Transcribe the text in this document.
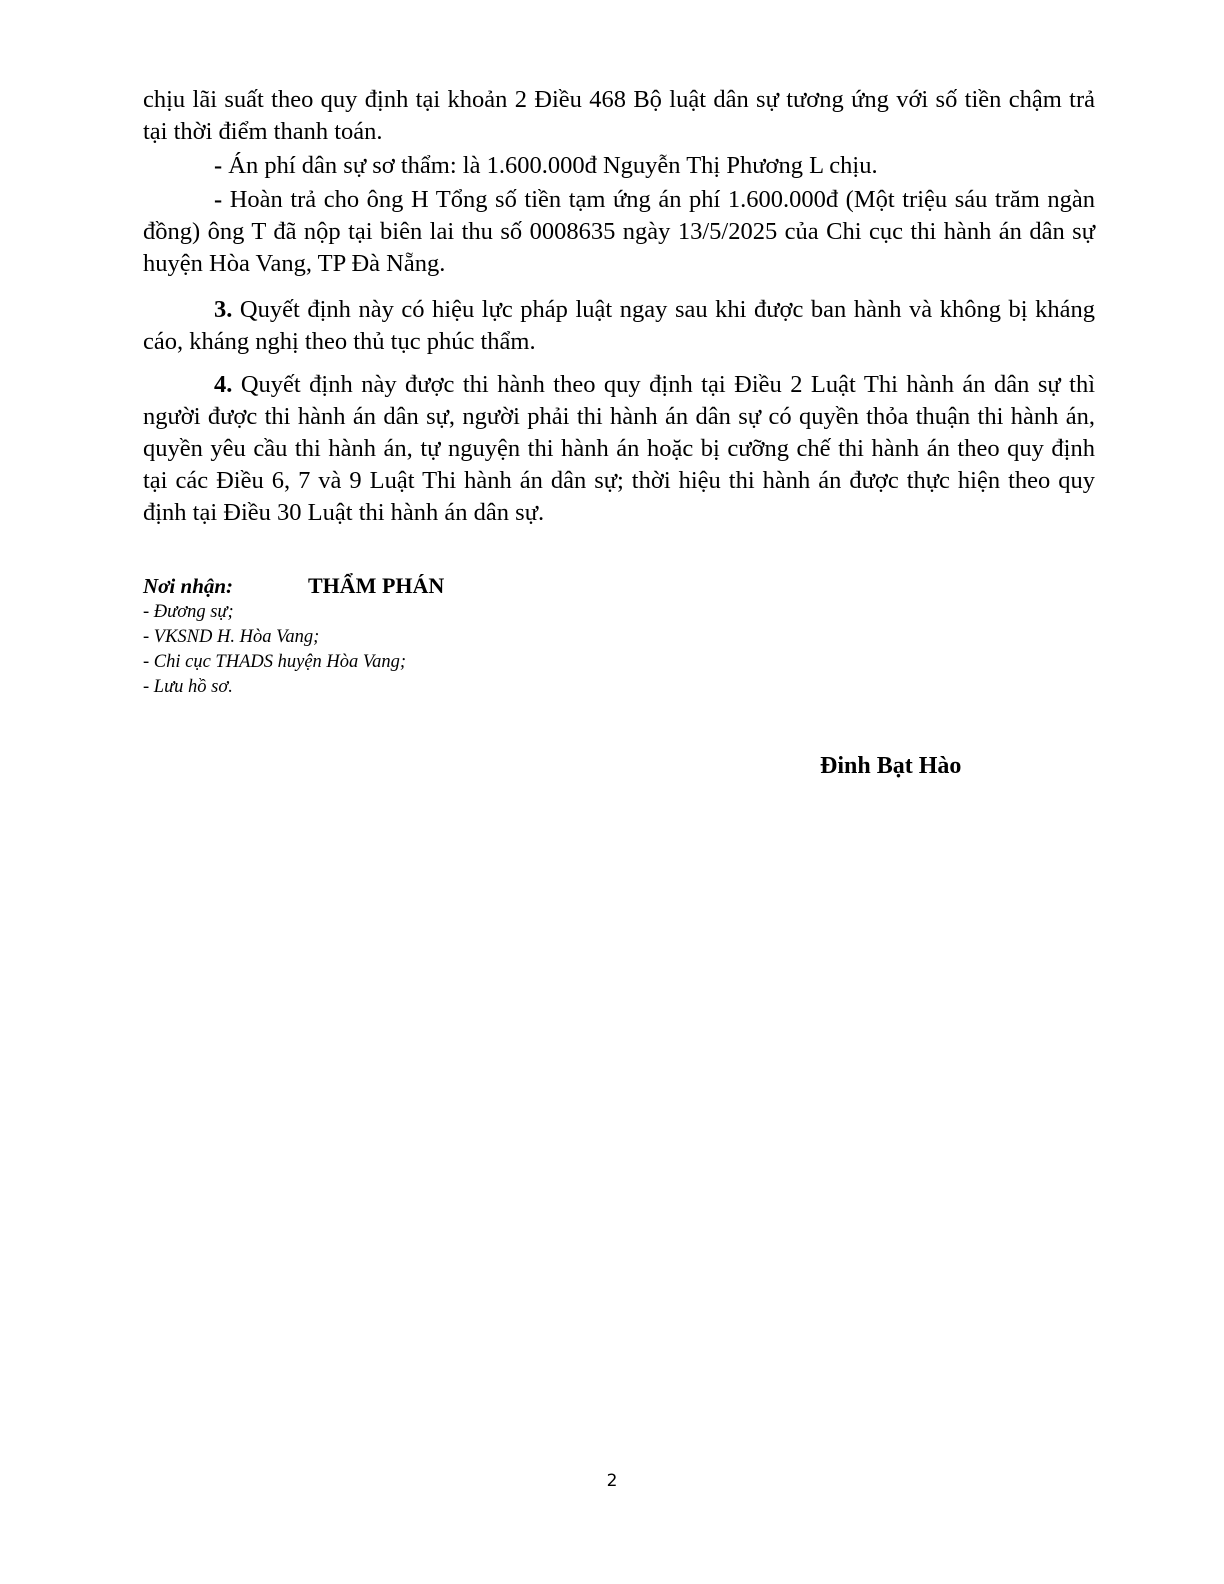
chịu lãi suất theo quy định tại khoản 2 Điều 468 Bộ luật dân sự tương ứng với số tiền chậm trả tại thời điểm thanh toán.

- Án phí dân sự sơ thẩm: là 1.600.000đ Nguyễn Thị Phương L chịu.

- Hoàn trả cho ông H Tổng số tiền tạm ứng án phí 1.600.000đ (Một triệu sáu trăm ngàn đồng) ông T đã nộp tại biên lai thu số 0008635 ngày 13/5/2025 của Chi cục thi hành án dân sự huyện Hòa Vang, TP Đà Nẵng.

3. Quyết định này có hiệu lực pháp luật ngay sau khi được ban hành và không bị kháng cáo, kháng nghị theo thủ tục phúc thẩm.

4. Quyết định này được thi hành theo quy định tại Điều 2 Luật Thi hành án dân sự thì người được thi hành án dân sự, người phải thi hành án dân sự có quyền thỏa thuận thi hành án, quyền yêu cầu thi hành án, tự nguyện thi hành án hoặc bị cưỡng chế thi hành án theo quy định tại các Điều 6, 7 và 9 Luật Thi hành án dân sự; thời hiệu thi hành án được thực hiện theo quy định tại Điều 30 Luật thi hành án dân sự.

Nơi nhận:	THẨM PHÁN
- Đương sự;
- VKSND H. Hòa Vang;
- Chi cục THADS huyện Hòa Vang;
- Lưu hồ sơ.
Đinh Bạt Hào
2
